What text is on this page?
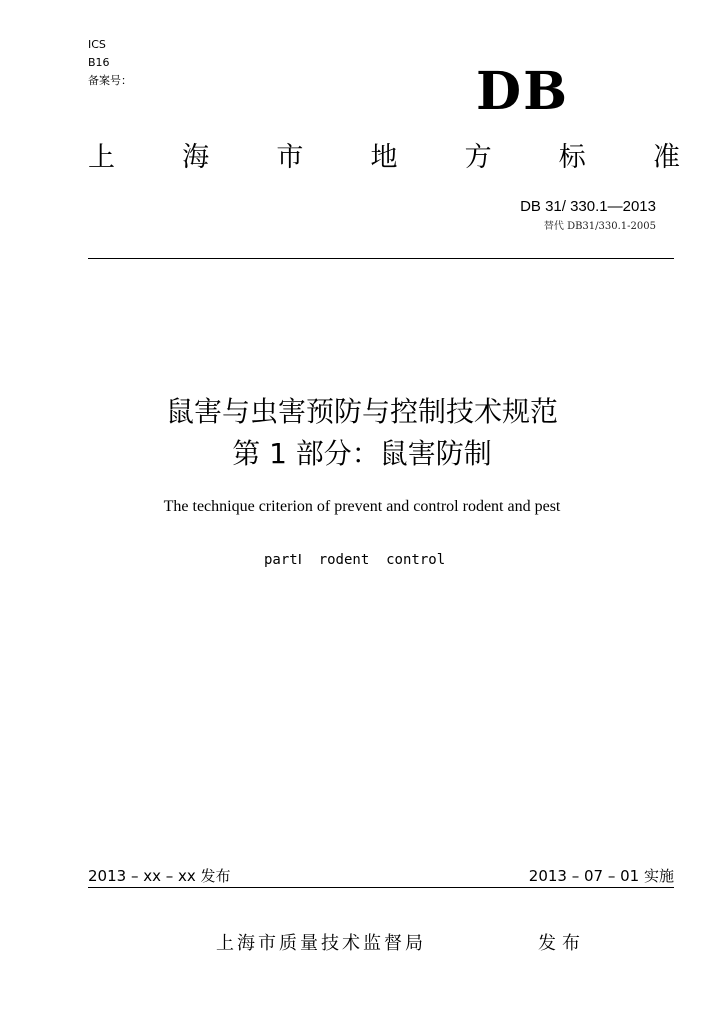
ICS
B16
备案号：	DB
上 海 市 地 方 标 准
DB 31/ 330.1—2013
替代 DB31/330.1-2005
鼠害与虫害预防与控制技术规范
第 1 部分：鼠害防制
The technique criterion of prevent and control rodent and pest
partⅠ  rodent  control
2013 – xx – xx 发布	2013 – 07 – 01 实施
上海市质量技术监督局	发布
